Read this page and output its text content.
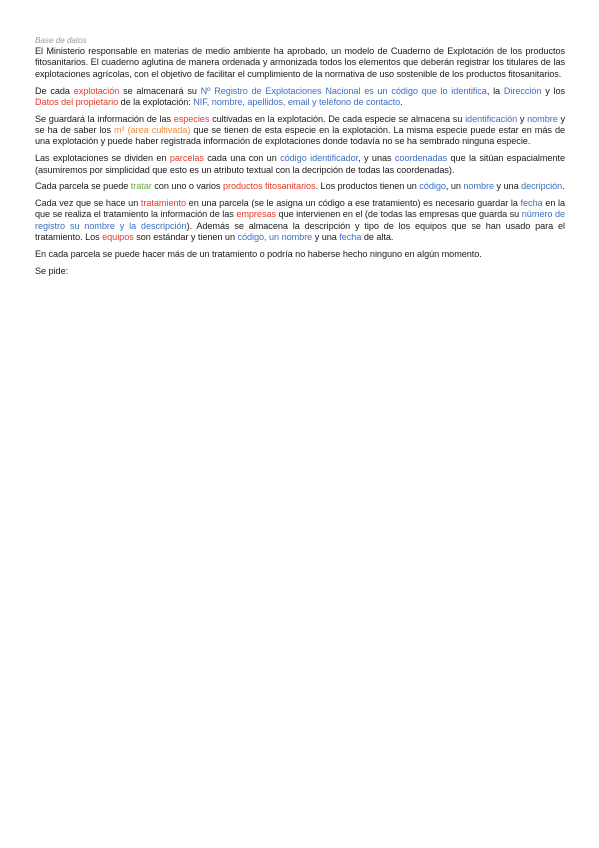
Base de datos

El Ministerio responsable en materias de medio ambiente ha aprobado, un modelo de Cuaderno de Explotación de los productos fitosanitarios. El cuaderno aglutina de manera ordenada y armonizada todos los elementos que deberán registrar los titulares de las explotaciones agrícolas, con el objetivo de facilitar el cumplimiento de la normativa de uso sostenible de los productos fitosanitarios.

De cada explotación se almacenará su Nº Registro de Explotaciones Nacional es un código que lo identifica, la Dirección y los Datos del propietario de la explotación: NIF, nombre, apellidos, email y teléfono de contacto.

Se guardará la información de las especies cultivadas en la explotación. De cada especie se almacena su identificación y nombre y se ha de saber los m² (area cultivada) que se tienen de esta especie en la explotación. La misma especie puede estar en más de una explotación y puede haber registrada información de explotaciones donde todavía no se ha sembrado ninguna especie.

Las explotaciones se dividen en parcelas cada una con un código identificador, y unas coordenadas que la sitúan espacialmente (asumiremos por simplicidad que esto es un atributo textual con la decripción de todas las coordenadas).

Cada parcela se puede tratar con uno o varios productos fitosanitarios. Los productos tienen un código, un nombre y una decripción.

Cada vez que se hace un tratamiento en una parcela (se le asigna un código a ese tratamiento) es necesario guardar la fecha en la que se realiza el tratamiento la información de las empresas que intervienen en el (de todas las empresas que guarda su número de registro su nombre y la descripción). Además se almacena la descripción y tipo de los equipos que se han usado para el tratamiento. Los equipos son estándar y tienen un código, un nombre y una fecha de alta.

En cada parcela se puede hacer más de un tratamiento o podría no haberse hecho ninguno en algún momento.

Se pide:
